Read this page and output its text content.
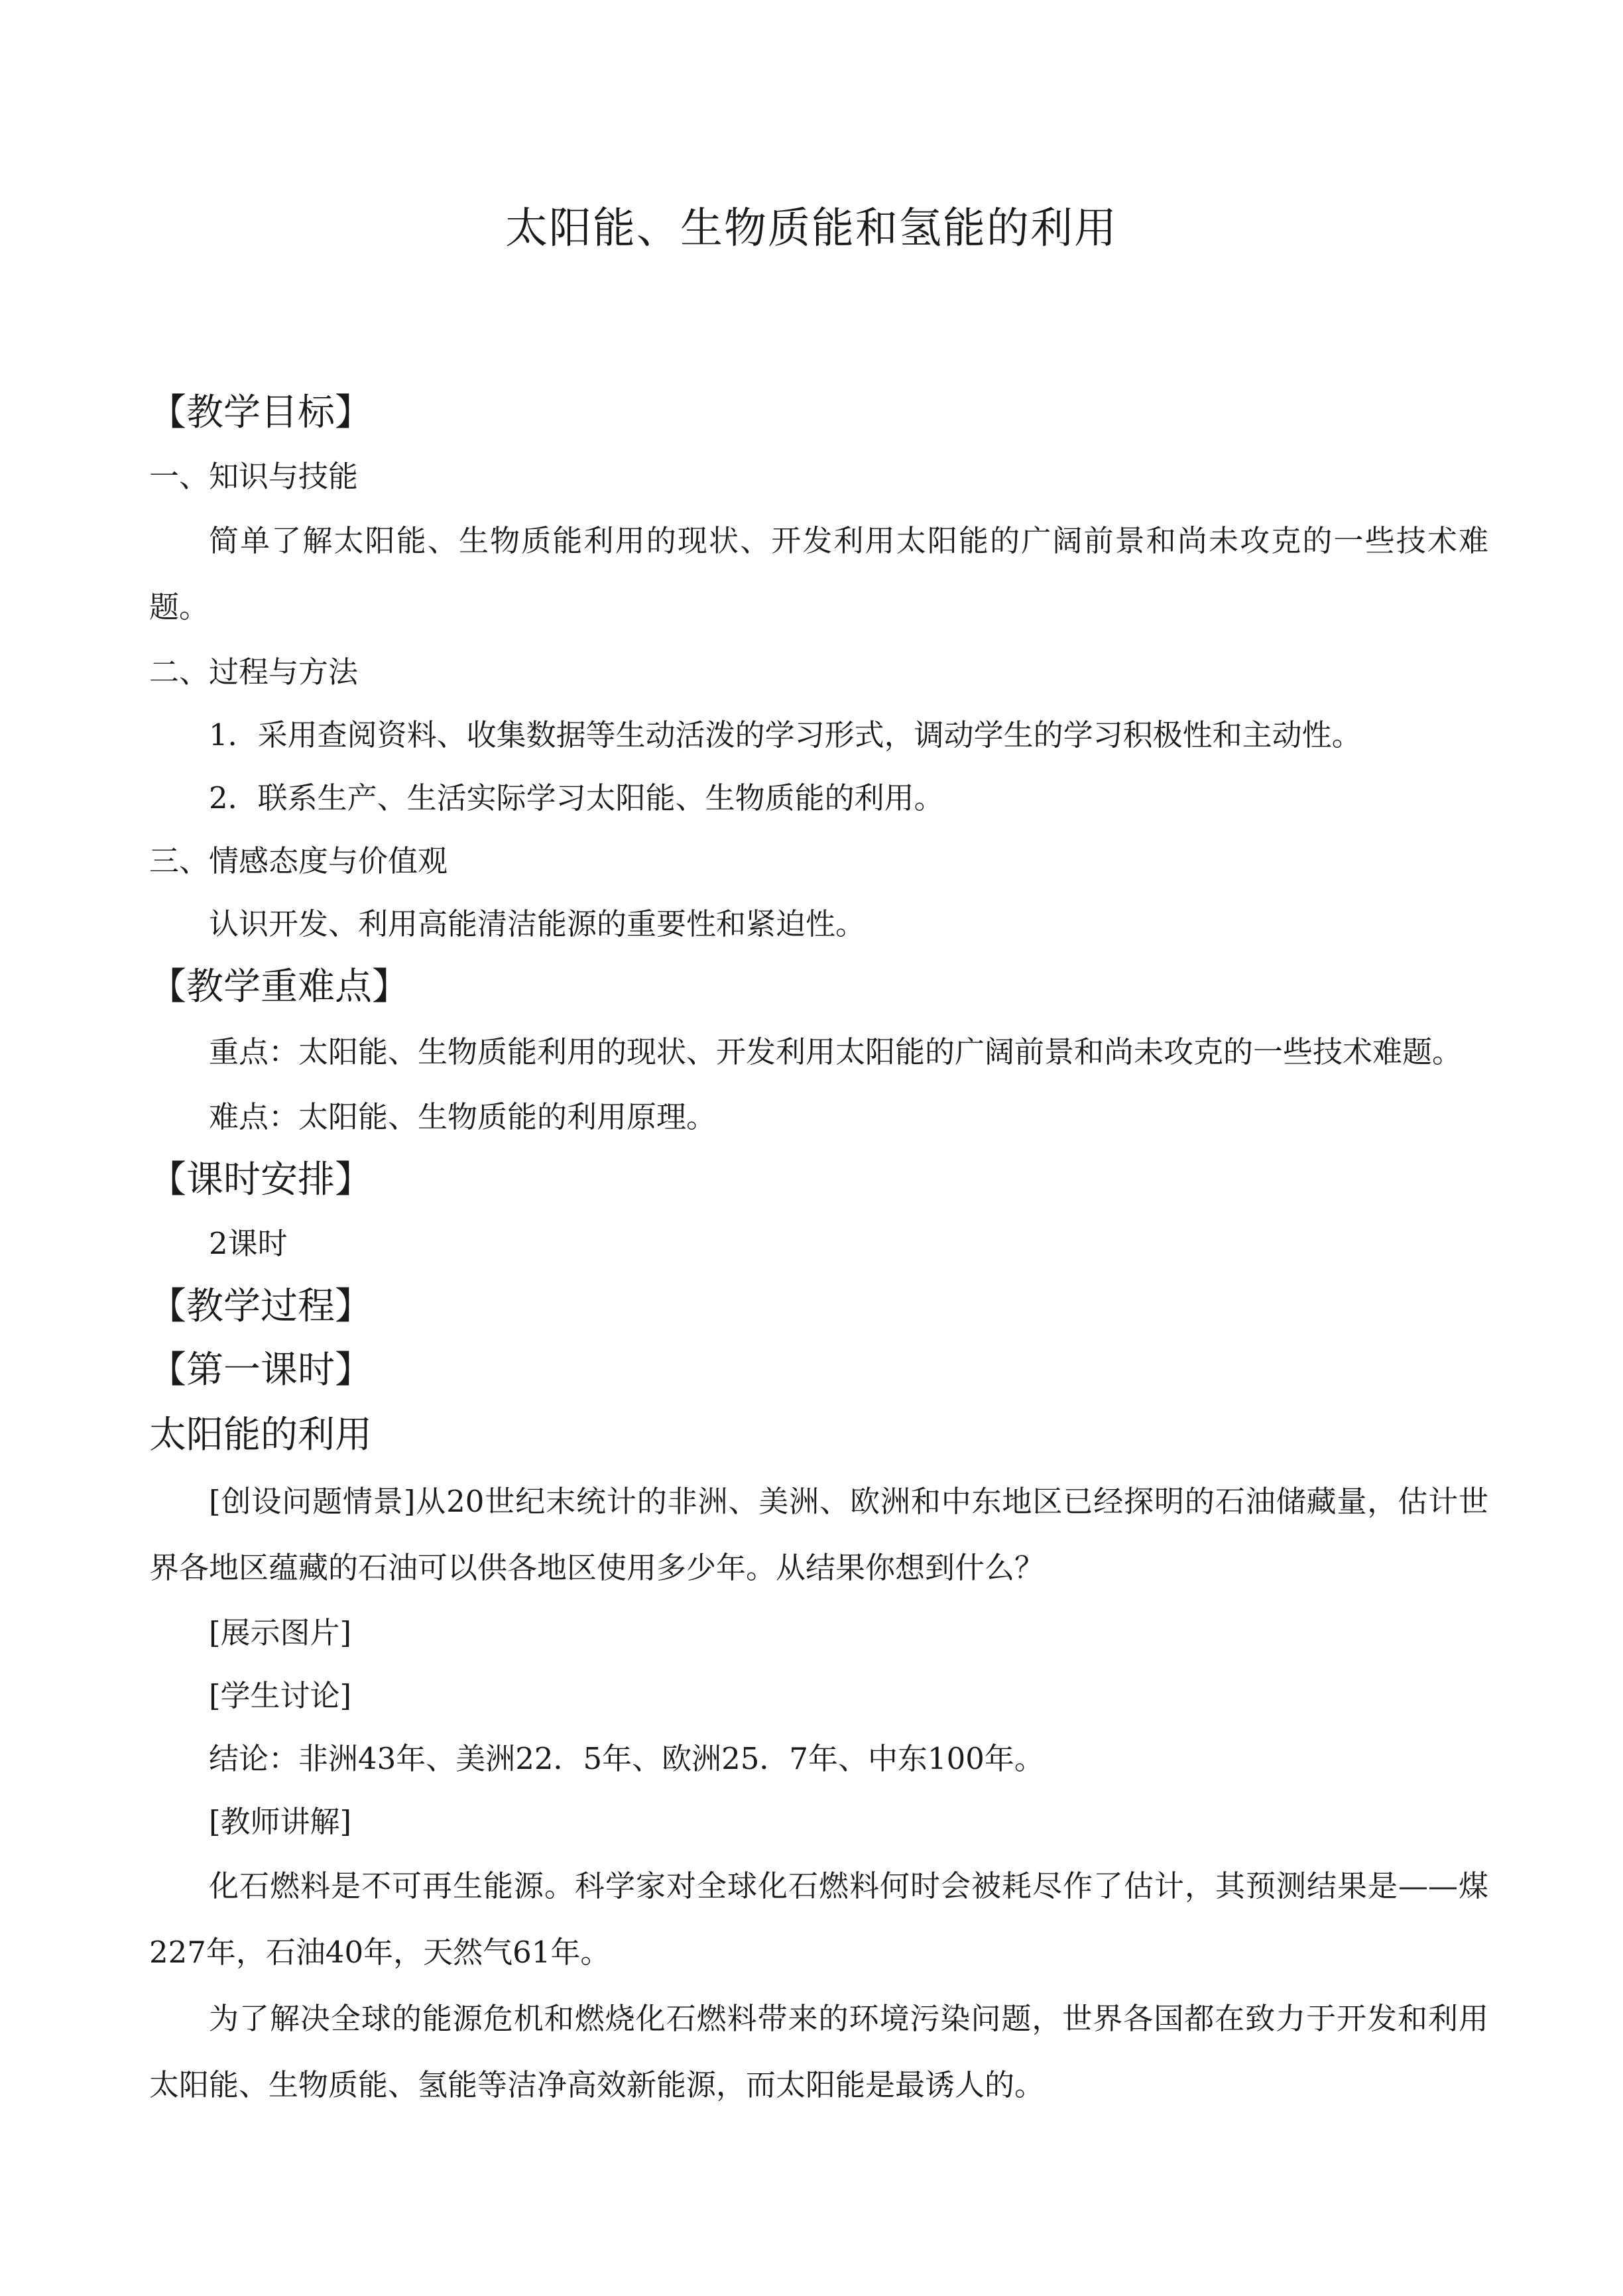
太阳能、生物质能和氢能的利用

【教学目标】

一、知识与技能

简单了解太阳能、生物质能利用的现状、开发利用太阳能的广阔前景和尚未攻克的一些技术难题。

二、过程与方法

1．采用查阅资料、收集数据等生动活泼的学习形式，调动学生的学习积极性和主动性。

2．联系生产、生活实际学习太阳能、生物质能的利用。

三、情感态度与价值观

认识开发、利用高能清洁能源的重要性和紧迫性。

【教学重难点】

重点：太阳能、生物质能利用的现状、开发利用太阳能的广阔前景和尚未攻克的一些技术难题。

难点：太阳能、生物质能的利用原理。

【课时安排】

2课时

【教学过程】

【第一课时】

太阳能的利用

[创设问题情景]从20世纪末统计的非洲、美洲、欧洲和中东地区已经探明的石油储藏量，估计世界各地区蕴藏的石油可以供各地区使用多少年。从结果你想到什么？

[展示图片]

[学生讨论]

结论：非洲43年、美洲22．5年、欧洲25．7年、中东100年。

[教师讲解]

化石燃料是不可再生能源。科学家对全球化石燃料何时会被耗尽作了估计，其预测结果是——煤227年，石油40年，天然气61年。

为了解决全球的能源危机和燃烧化石燃料带来的环境污染问题，世界各国都在致力于开发和利用太阳能、生物质能、氢能等洁净高效新能源，而太阳能是最诱人的。
